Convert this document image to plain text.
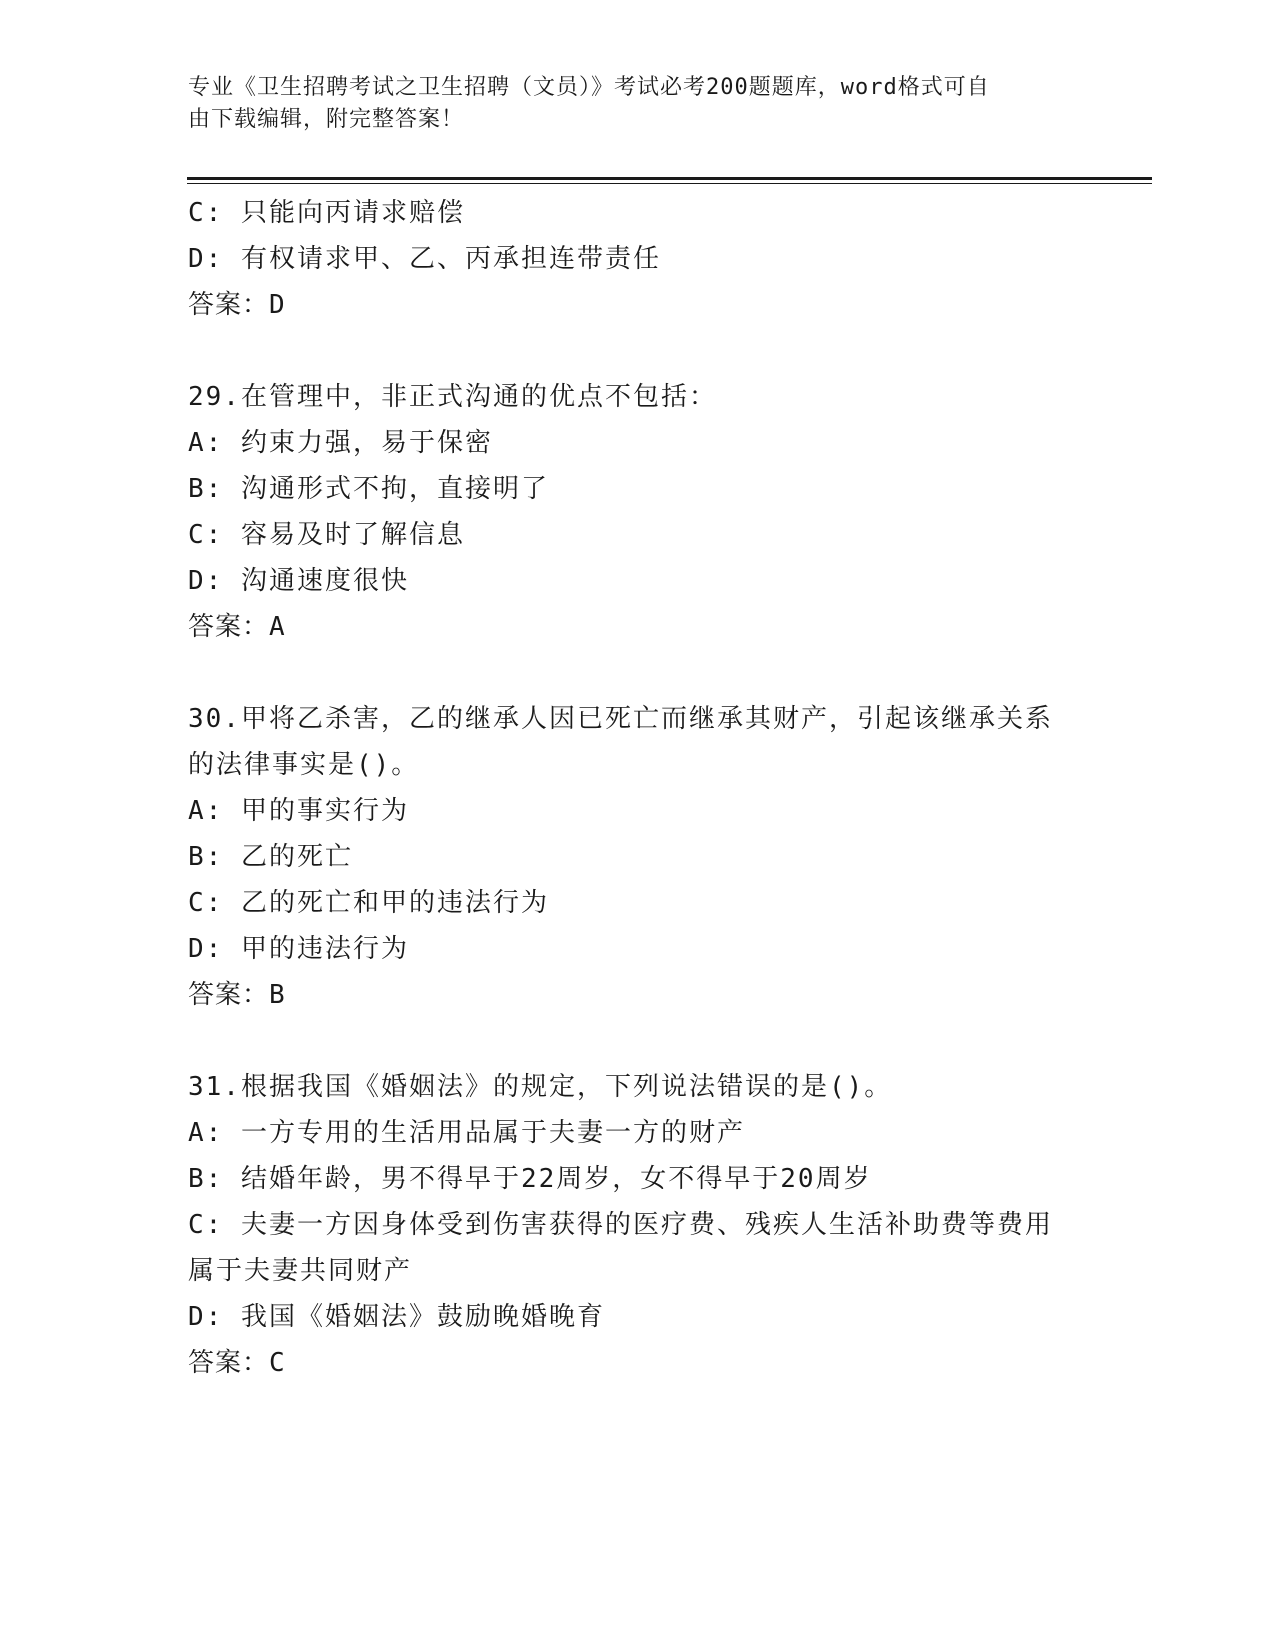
专业《卫生招聘考试之卫生招聘（文员）》考试必考200题题库，word格式可自

由下载编辑，附完整答案！

C: 只能向丙请求赔偿

D: 有权请求甲、乙、丙承担连带责任

答案：D

29.在管理中，非正式沟通的优点不包括：

A: 约束力强，易于保密

B: 沟通形式不拘，直接明了

C: 容易及时了解信息

D: 沟通速度很快

答案：A

30.甲将乙杀害，乙的继承人因已死亡而继承其财产，引起该继承关系

的法律事实是()。

A: 甲的事实行为

B: 乙的死亡

C: 乙的死亡和甲的违法行为

D: 甲的违法行为

答案：B

31.根据我国《婚姻法》的规定，下列说法错误的是()。

A: 一方专用的生活用品属于夫妻一方的财产

B: 结婚年龄，男不得早于22周岁，女不得早于20周岁

C: 夫妻一方因身体受到伤害获得的医疗费、残疾人生活补助费等费用

属于夫妻共同财产

D: 我国《婚姻法》鼓励晚婚晚育

答案：C
